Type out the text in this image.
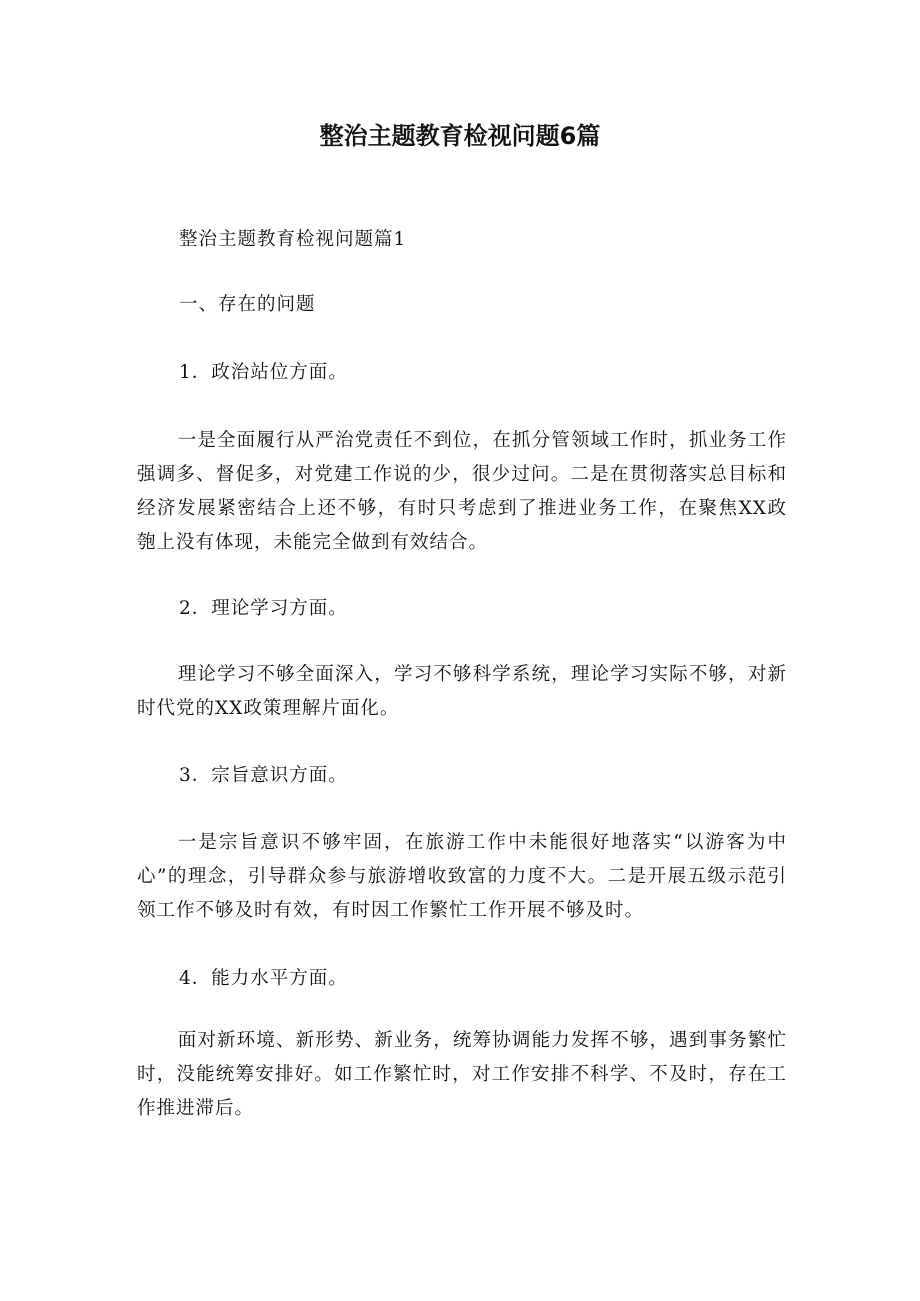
整治主题教育检视问题6篇

整治主题教育检视问题篇1

一、存在的问题

1．政治站位方面。

一是全面履行从严治党责任不到位，在抓分管领域工作时，抓业务工作强调多、督促多，对党建工作说的少，很少过问。二是在贯彻落实总目标和经济发展紧密结合上还不够，有时只考虑到了推进业务工作，在聚焦XX政匏上没有体现，未能完全做到有效结合。

2．理论学习方面。

理论学习不够全面深入，学习不够科学系统，理论学习实际不够，对新时代党的XX政策理解片面化。

3．宗旨意识方面。

一是宗旨意识不够牢固，在旅游工作中未能很好地落实“以游客为中心”的理念，引导群众参与旅游增收致富的力度不大。二是开展五级示范引领工作不够及时有效，有时因工作繁忙工作开展不够及时。

4．能力水平方面。

面对新环境、新形势、新业务，统筹协调能力发挥不够，遇到事务繁忙时，没能统筹安排好。如工作繁忙时，对工作安排不科学、不及时，存在工作推进滞后。
